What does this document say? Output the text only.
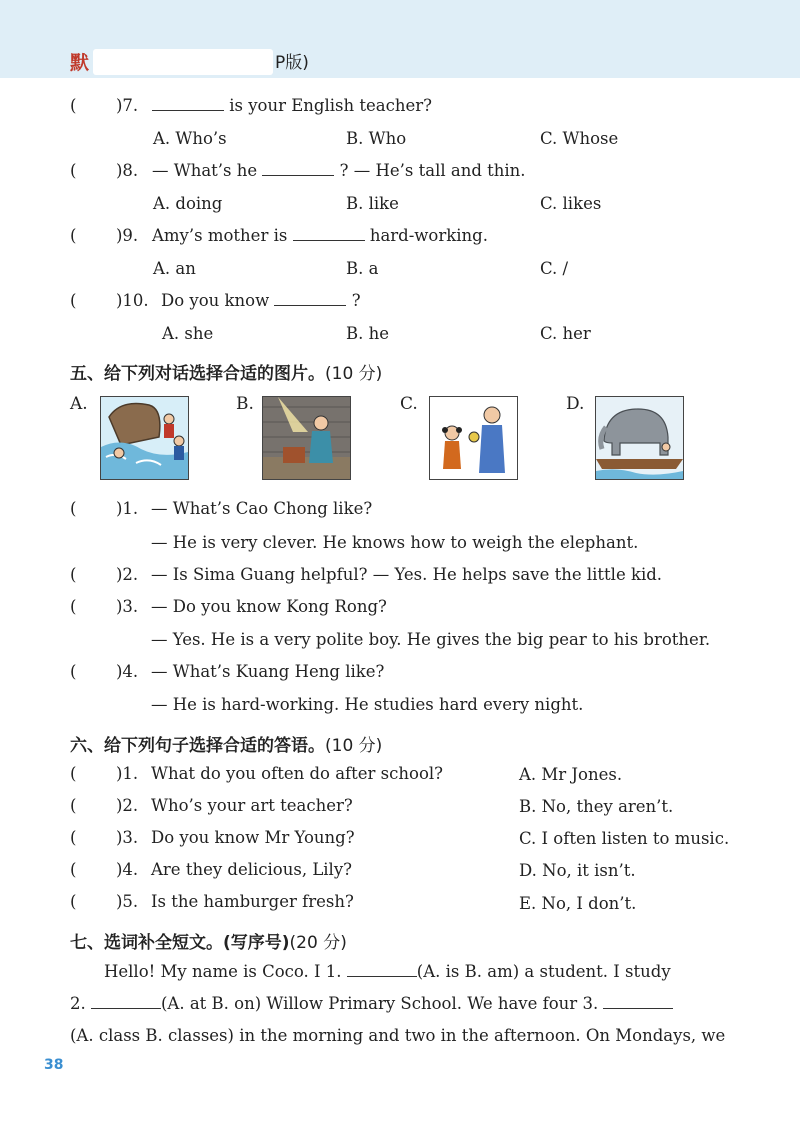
默	P版)
( )7.	is your English teacher?
A. Who’s	B. Who	C. Whose
( )8. — What’s he	? — He’s tall and thin.
A. doing	B. like	C. likes
( )9. Amy’s mother is	hard-working.
A. an	B. a	C. /
( )10. Do you know	?
A. she	B. he	C. her
五、给下列对话选择合适的图片。(10 分)
A.	B.	C.	D.
( )1. — What’s Cao Chong like?
— He is very clever. He knows how to weigh the elephant.
( )2. — Is Sima Guang helpful? — Yes. He helps save the little kid.
( )3. — Do you know Kong Rong?
— Yes. He is a very polite boy. He gives the big pear to his brother.
( )4. — What’s Kuang Heng like?
— He is hard-working. He studies hard every night.
六、给下列句子选择合适的答语。(10 分)
( )1. What do you often do after school?	A. Mr Jones.
( )2. Who’s your art teacher?	B. No, they aren’t.
( )3. Do you know Mr Young?	C. I often listen to music.
( )4. Are they delicious, Lily?	D. No, it isn’t.
( )5. Is the hamburger fresh?	E. No, I don’t.
七、选词补全短文。(写序号)(20 分)
Hello! My name is Coco. I 1.	(A. is B. am) a student. I study
2.	(A. at B. on) Willow Primary School. We have four 3.
(A. class B. classes) in the morning and two in the afternoon. On Mondays, we
38
